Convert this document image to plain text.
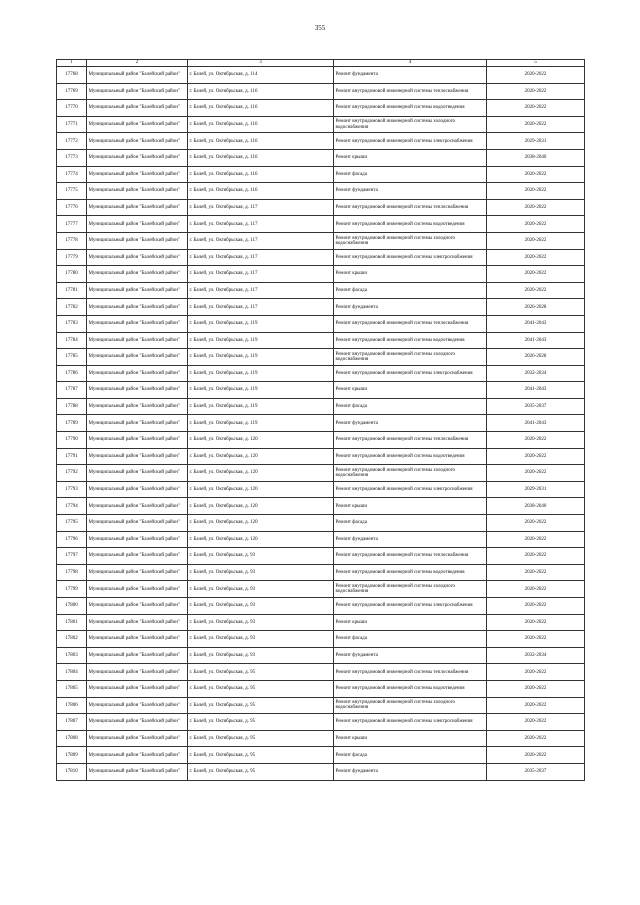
355
1	2	3	4	5
17768	Муниципальный район "Балейский район"	г. Балей, ул. Октябрьская, д. 114	Ремонт фундамента	2020-2022
17769	Муниципальный район "Балейский район"	г. Балей, ул. Октябрьская, д. 116	Ремонт внутридомовой инженерной системы теплоснабжения	2020-2022
17770	Муниципальный район "Балейский район"	г. Балей, ул. Октябрьская, д. 116	Ремонт внутридомовой инженерной системы водоотведения	2020-2022
17771	Муниципальный район "Балейский район"	г. Балей, ул. Октябрьская, д. 116	Ремонт внутридомовой инженерной системы холодного водоснабжения	2020-2022
17772	Муниципальный район "Балейский район"	г. Балей, ул. Октябрьская, д. 116	Ремонт внутридомовой инженерной системы электроснабжения	2029-2031
17773	Муниципальный район "Балейский район"	г. Балей, ул. Октябрьская, д. 116	Ремонт крыши	2038-2040
17774	Муниципальный район "Балейский район"	г. Балей, ул. Октябрьская, д. 116	Ремонт фасада	2020-2022
17775	Муниципальный район "Балейский район"	г. Балей, ул. Октябрьская, д. 116	Ремонт фундамента	2020-2022
17776	Муниципальный район "Балейский район"	г. Балей, ул. Октябрьская, д. 117	Ремонт внутридомовой инженерной системы теплоснабжения	2020-2022
17777	Муниципальный район "Балейский район"	г. Балей, ул. Октябрьская, д. 117	Ремонт внутридомовой инженерной системы водоотведения	2020-2022
17778	Муниципальный район "Балейский район"	г. Балей, ул. Октябрьская, д. 117	Ремонт внутридомовой инженерной системы холодного водоснабжения	2020-2022
17779	Муниципальный район "Балейский район"	г. Балей, ул. Октябрьская, д. 117	Ремонт внутридомовой инженерной системы электроснабжения	2020-2022
17780	Муниципальный район "Балейский район"	г. Балей, ул. Октябрьская, д. 117	Ремонт крыши	2020-2022
17781	Муниципальный район "Балейский район"	г. Балей, ул. Октябрьская, д. 117	Ремонт фасада	2020-2022
17782	Муниципальный район "Балейский район"	г. Балей, ул. Октябрьская, д. 117	Ремонт фундамента	2026-2028
17783	Муниципальный район "Балейский район"	г. Балей, ул. Октябрьская, д. 119	Ремонт внутридомовой инженерной системы теплоснабжения	2041-2043
17784	Муниципальный район "Балейский район"	г. Балей, ул. Октябрьская, д. 119	Ремонт внутридомовой инженерной системы водоотведения	2041-2043
17785	Муниципальный район "Балейский район"	г. Балей, ул. Октябрьская, д. 119	Ремонт внутридомовой инженерной системы холодного водоснабжения	2026-2028
17786	Муниципальный район "Балейский район"	г. Балей, ул. Октябрьская, д. 119	Ремонт внутридомовой инженерной системы электроснабжения	2032-2034
17787	Муниципальный район "Балейский район"	г. Балей, ул. Октябрьская, д. 119	Ремонт крыши	2041-2043
17788	Муниципальный район "Балейский район"	г. Балей, ул. Октябрьская, д. 119	Ремонт фасада	2035-2037
17789	Муниципальный район "Балейский район"	г. Балей, ул. Октябрьская, д. 119	Ремонт фундамента	2041-2043
17790	Муниципальный район "Балейский район"	г. Балей, ул. Октябрьская, д. 120	Ремонт внутридомовой инженерной системы теплоснабжения	2020-2022
17791	Муниципальный район "Балейский район"	г. Балей, ул. Октябрьская, д. 120	Ремонт внутридомовой инженерной системы водоотведения	2020-2022
17792	Муниципальный район "Балейский район"	г. Балей, ул. Октябрьская, д. 120	Ремонт внутридомовой инженерной системы холодного водоснабжения	2020-2022
17793	Муниципальный район "Балейский район"	г. Балей, ул. Октябрьская, д. 120	Ремонт внутридомовой инженерной системы электроснабжения	2029-2031
17794	Муниципальный район "Балейский район"	г. Балей, ул. Октябрьская, д. 120	Ремонт крыши	2038-2040
17795	Муниципальный район "Балейский район"	г. Балей, ул. Октябрьская, д. 120	Ремонт фасада	2020-2022
17796	Муниципальный район "Балейский район"	г. Балей, ул. Октябрьская, д. 120	Ремонт фундамента	2020-2022
17797	Муниципальный район "Балейский район"	г. Балей, ул. Октябрьская, д. 93	Ремонт внутридомовой инженерной системы теплоснабжения	2020-2022
17798	Муниципальный район "Балейский район"	г. Балей, ул. Октябрьская, д. 93	Ремонт внутридомовой инженерной системы водоотведения	2020-2022
17799	Муниципальный район "Балейский район"	г. Балей, ул. Октябрьская, д. 93	Ремонт внутридомовой инженерной системы холодного водоснабжения	2020-2022
17800	Муниципальный район "Балейский район"	г. Балей, ул. Октябрьская, д. 93	Ремонт внутридомовой инженерной системы электроснабжения	2020-2022
17801	Муниципальный район "Балейский район"	г. Балей, ул. Октябрьская, д. 93	Ремонт крыши	2020-2022
17802	Муниципальный район "Балейский район"	г. Балей, ул. Октябрьская, д. 93	Ремонт фасада	2020-2022
17803	Муниципальный район "Балейский район"	г. Балей, ул. Октябрьская, д. 93	Ремонт фундамента	2032-2034
17804	Муниципальный район "Балейский район"	г. Балей, ул. Октябрьская, д. 95	Ремонт внутридомовой инженерной системы теплоснабжения	2020-2022
17805	Муниципальный район "Балейский район"	г. Балей, ул. Октябрьская, д. 95	Ремонт внутридомовой инженерной системы водоотведения	2020-2022
17806	Муниципальный район "Балейский район"	г. Балей, ул. Октябрьская, д. 95	Ремонт внутридомовой инженерной системы холодного водоснабжения	2020-2022
17807	Муниципальный район "Балейский район"	г. Балей, ул. Октябрьская, д. 95	Ремонт внутридомовой инженерной системы электроснабжения	2020-2022
17808	Муниципальный район "Балейский район"	г. Балей, ул. Октябрьская, д. 95	Ремонт крыши	2020-2022
17809	Муниципальный район "Балейский район"	г. Балей, ул. Октябрьская, д. 95	Ремонт фасада	2020-2022
17810	Муниципальный район "Балейский район"	г. Балей, ул. Октябрьская, д. 95	Ремонт фундамента	2035-2037
